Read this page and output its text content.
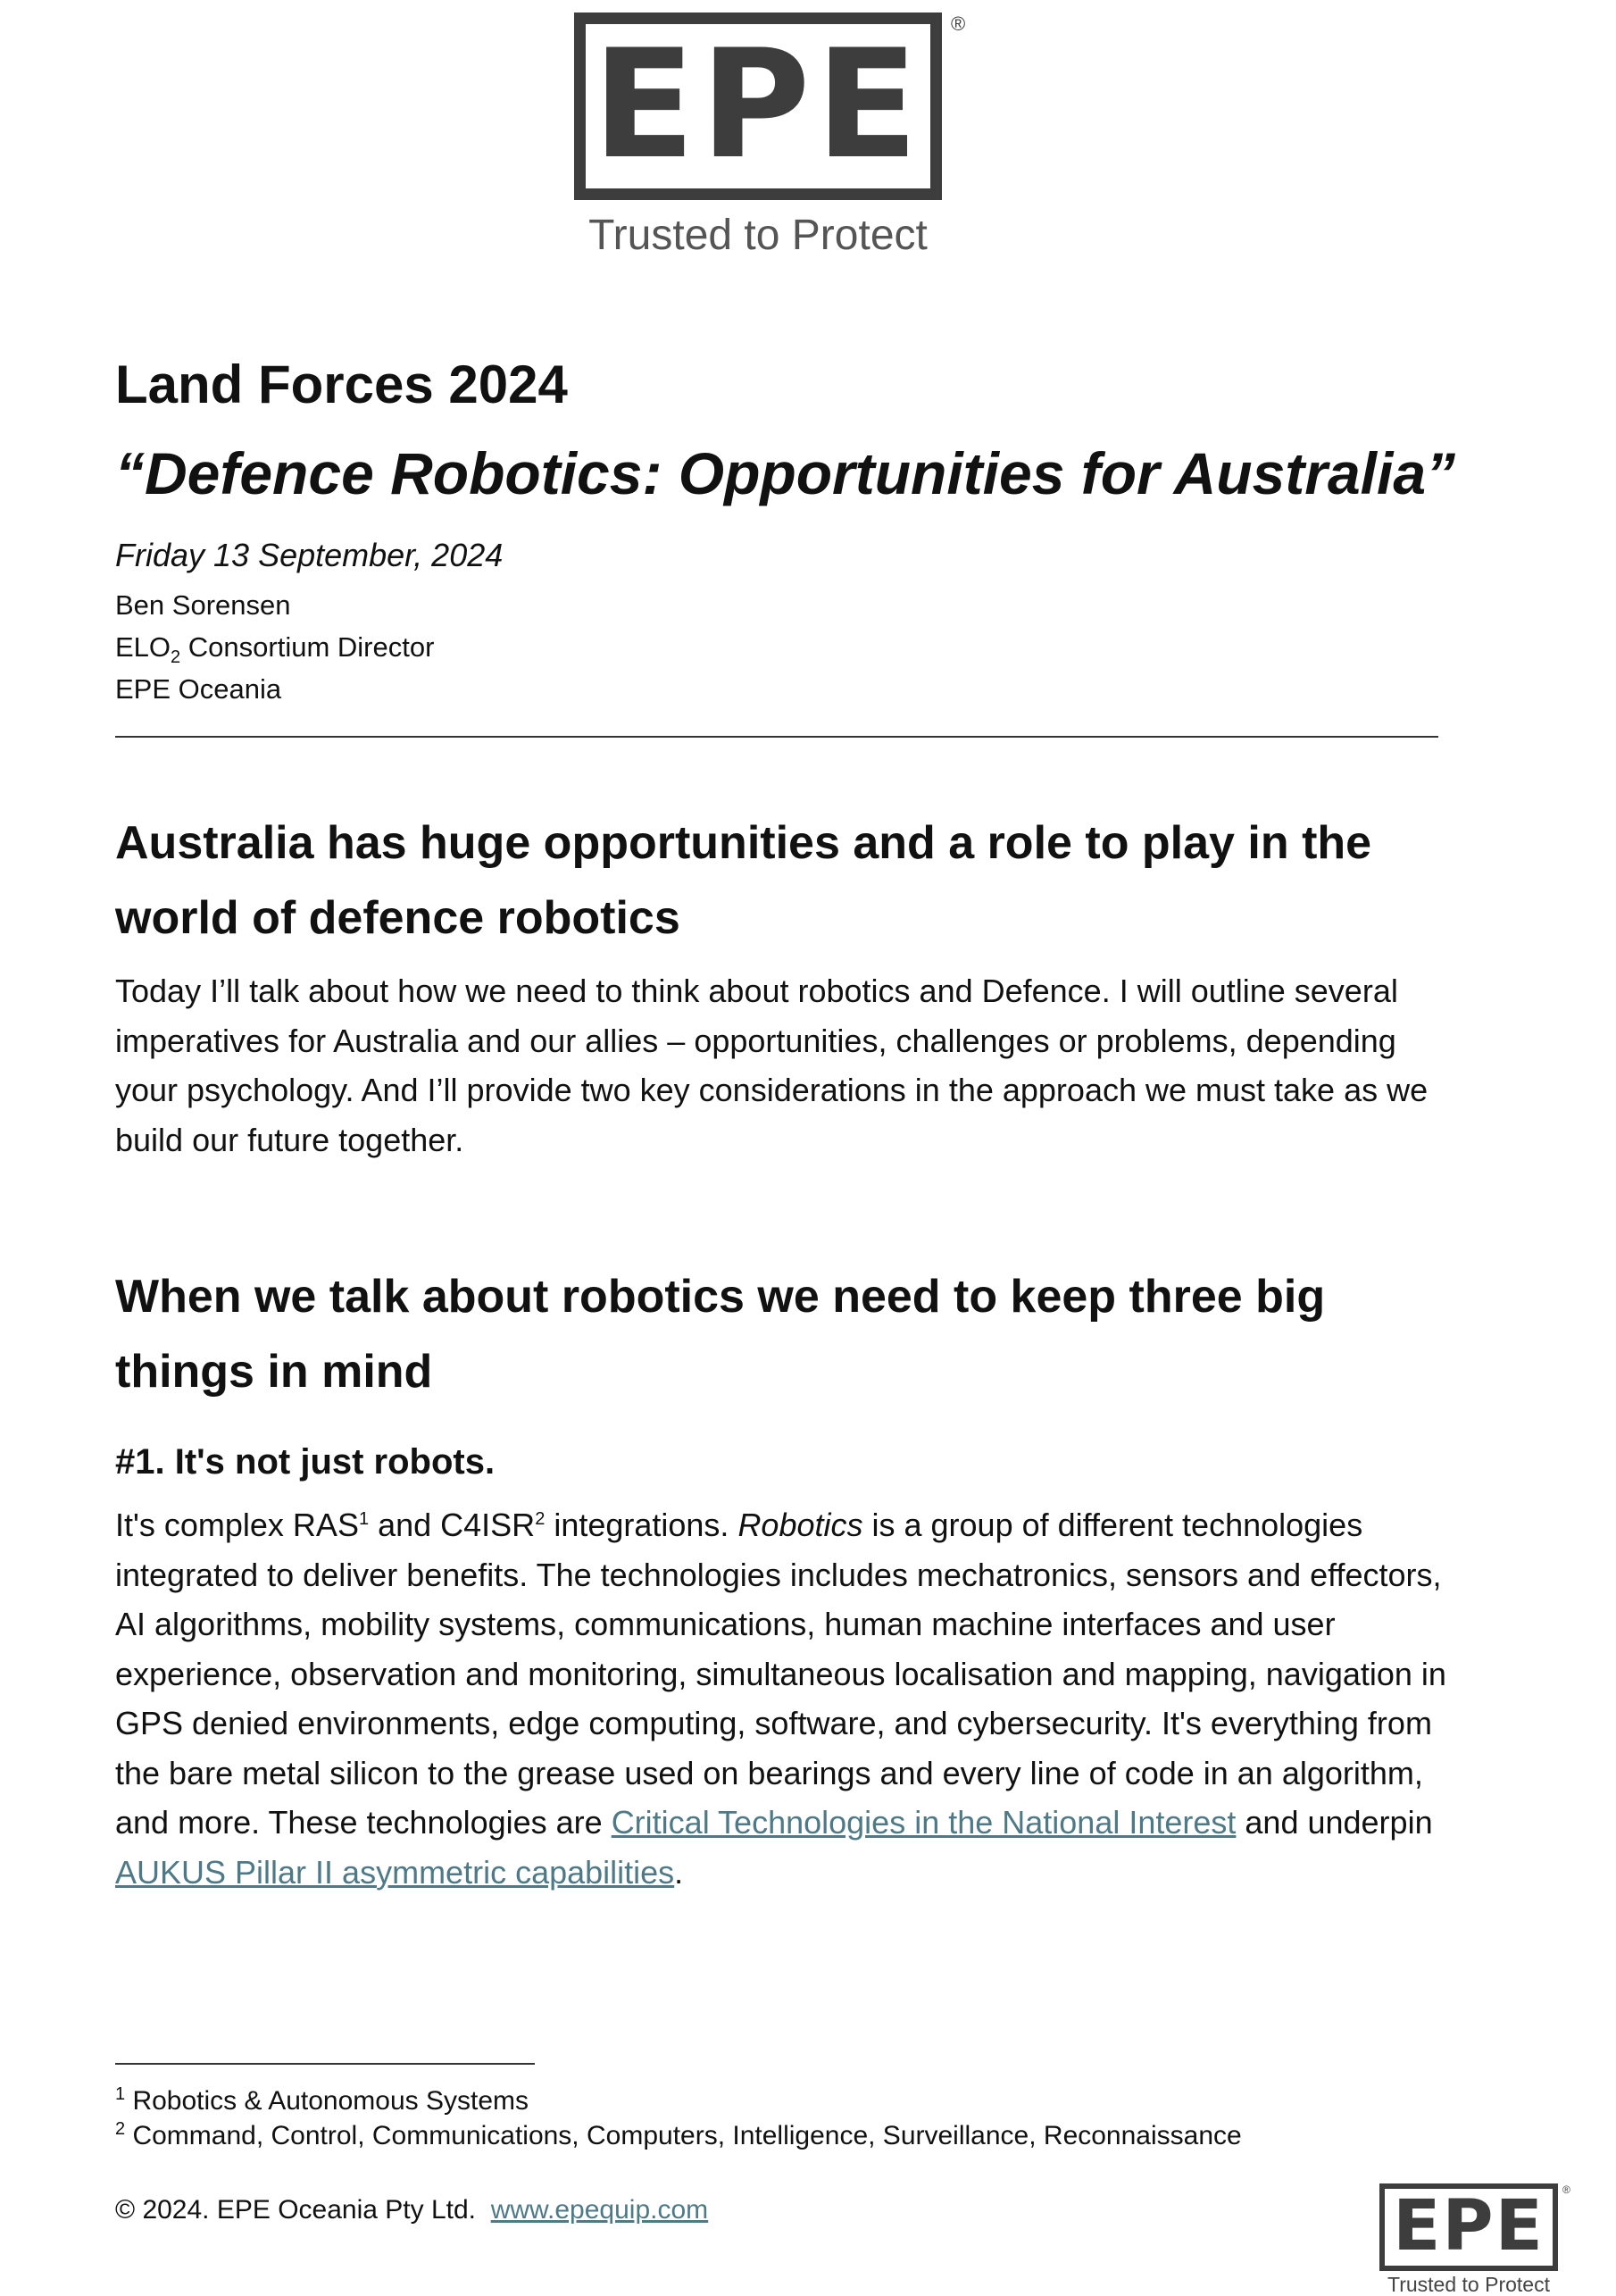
EPE	®
Trusted to Protect
Land Forces 2024
“Defence Robotics: Opportunities for Australia”
Friday 13 September, 2024
Ben Sorensen
$ELO_2$ Consortium Director
EPE Oceania
Australia has huge opportunities and a role to play in the
world of defence robotics
Today I’ll talk about how we need to think about robotics and Defence. I will outline several imperatives for Australia and our allies – opportunities, challenges or problems, depending your psychology. And I’ll provide two key considerations in the approach we must take as we build our future together.
When we talk about robotics we need to keep three big
things in mind
#1. It's not just robots.
It's complex RAS$^1$ and C4ISR$^2$ integrations. Robotics is a group of different technologies integrated to deliver benefits. The technologies includes mechatronics, sensors and effectors, AI algorithms, mobility systems, communications, human machine interfaces and user experience, observation and monitoring, simultaneous localisation and mapping, navigation in GPS denied environments, edge computing, software, and cybersecurity. It's everything from the bare metal silicon to the grease used on bearings and every line of code in an algorithm, and more. These technologies are Critical Technologies in the National Interest and underpin AUKUS Pillar II asymmetric capabilities.
$^1$ Robotics & Autonomous Systems
$^2$ Command, Control, Communications, Computers, Intelligence, Surveillance, Reconnaissance
© 2024. EPE Oceania Pty Ltd. www.epequip.com	EPE	®
Trusted to Protect
